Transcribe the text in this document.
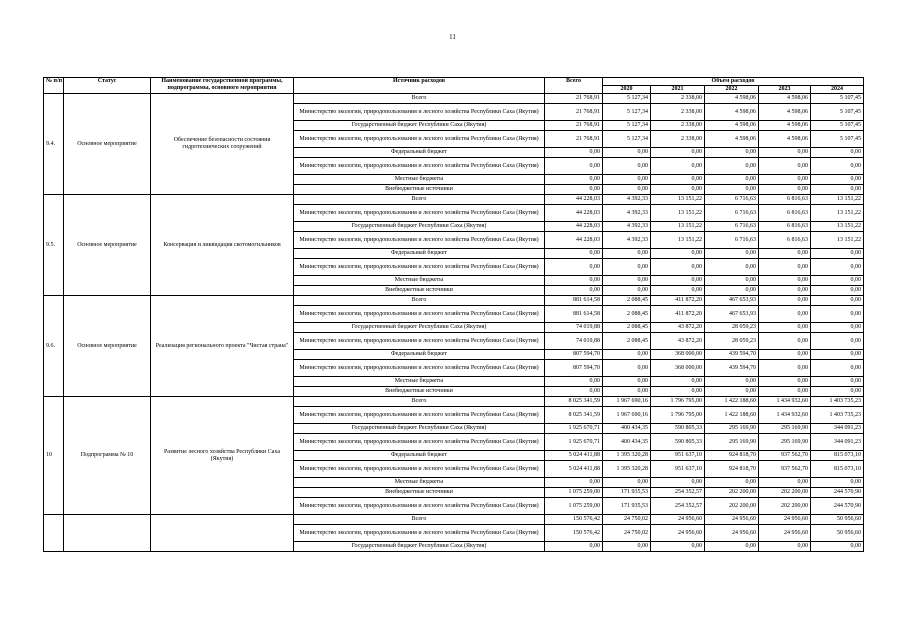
11
№ п/п	Статус	Наименование государственной программы, подпрограммы, основного мероприятия	Источник расходов	Всего	Объем расходов				
					2020	2021	2022	2023	2024

9.4.	Основное мероприятие	Обеспечение безопасности состояния гидротехнических сооружений	Всего	21 768,91	5 127,34	2 338,00	4 598,06	4 598,06	5 107,45
			Министерство экологии, природопользования и лесного хозяйства Республики Саха (Якутия)	21 768,91	5 127,34	2 338,00	4 598,06	4 598,06	5 107,45
			Государственный бюджет Республики Саха (Якутия)	21 768,91	5 127,34	2 338,00	4 598,06	4 598,06	5 107,45
			Министерство экологии, природопользования и лесного хозяйства Республики Саха (Якутия)	21 768,91	5 127,34	2 338,00	4 598,06	4 598,06	5 107,45
			Федеральный бюджет	0,00	0,00	0,00	0,00	0,00	0,00
			Министерство экологии, природопользования и лесного хозяйства Республики Саха (Якутия)	0,00	0,00	0,00	0,00	0,00	0,00
			Местные бюджеты	0,00	0,00	0,00	0,00	0,00	0,00
			Внебюджетные источники	0,00	0,00	0,00	0,00	0,00	0,00
9.5.	Основное мероприятие	Консервация и ликвидация скотомогильников	Всего	44 228,03	4 392,33	13 151,22	6 716,63	6 816,63	13 151,22
			Министерство экологии, природопользования и лесного хозяйства Республики Саха (Якутия)	44 228,03	4 392,33	13 151,22	6 716,63	6 816,63	13 151,22
			Государственный бюджет Республики Саха (Якутия)	44 228,03	4 392,33	13 151,22	6 716,63	6 816,63	13 151,22
			Министерство экологии, природопользования и лесного хозяйства Республики Саха (Якутия)	44 228,03	4 392,33	13 151,22	6 716,63	6 816,63	13 151,22
			Федеральный бюджет	0,00	0,00	0,00	0,00	0,00	0,00
			Министерство экологии, природопользования и лесного хозяйства Республики Саха (Якутия)	0,00	0,00	0,00	0,00	0,00	0,00
			Местные бюджеты	0,00	0,00	0,00	0,00	0,00	0,00
			Внебюджетные источники	0,00	0,00	0,00	0,00	0,00	0,00
9.6.	Основное мероприятие	Реализация регионального проекта "Чистая страна"	Всего	881 614,58	2 088,45	411 872,20	467 653,93	0,00	0,00
			Министерство экологии, природопользования и лесного хозяйства Республики Саха (Якутия)	881 614,58	2 088,45	411 872,20	467 653,93	0,00	0,00
			Государственный бюджет Республики Саха (Якутия)	74 019,88	2 088,45	43 872,20	28 059,23	0,00	0,00
			Министерство экологии, природопользования и лесного хозяйства Республики Саха (Якутия)	74 019,88	2 088,45	43 872,20	28 059,23	0,00	0,00
			Федеральный бюджет	807 594,70	0,00	368 000,00	439 594,70	0,00	0,00
			Министерство экологии, природопользования и лесного хозяйства Республики Саха (Якутия)	807 594,70	0,00	368 000,00	439 594,70	0,00	0,00
			Местные бюджеты	0,00	0,00	0,00	0,00	0,00	0,00
			Внебюджетные источники	0,00	0,00	0,00	0,00	0,00	0,00
10	Подпрограмма № 10	Развитие лесного хозяйства Республики Саха (Якутия)	Всего	8 025 341,59	1 967 690,16	1 796 795,00	1 422 188,60	1 434 932,60	1 403 735,23
			Министерство экологии, природопользования и лесного хозяйства Республики Саха (Якутия)	8 025 341,59	1 967 690,16	1 796 795,00	1 422 188,60	1 434 932,60	1 403 735,23
			Государственный бюджет Республики Саха (Якутия)	1 925 670,71	400 434,35	590 805,33	295 169,90	295 169,90	344 091,23
			Министерство экологии, природопользования и лесного хозяйства Республики Саха (Якутия)	1 925 670,71	400 434,35	590 805,33	295 169,90	295 169,90	344 091,23
			Федеральный бюджет	5 024 411,88	1 395 320,28	951 637,10	924 818,70	937 562,70	815 073,10
			Министерство экологии, природопользования и лесного хозяйства Республики Саха (Якутия)	5 024 411,88	1 395 320,28	951 637,10	924 818,70	937 562,70	815 073,10
			Местные бюджеты	0,00	0,00	0,00	0,00	0,00	0,00
			Внебюджетные источники	1 075 259,00	171 935,53	254 352,57	202 200,00	202 200,00	244 570,90
			Министерство экологии, природопользования и лесного хозяйства Республики Саха (Якутия)	1 075 259,00	171 935,53	254 352,57	202 200,00	202 200,00	244 570,90
			Всего	150 576,42	24 750,02	24 956,60	24 956,60	24 956,60	50 956,60
			Министерство экологии, природопользования и лесного хозяйства Республики Саха (Якутия)	150 576,42	24 750,02	24 956,60	24 956,60	24 956,60	50 956,60
			Государственный бюджет Республики Саха (Якутия)	0,00	0,00	0,00	0,00	0,00	0,00
